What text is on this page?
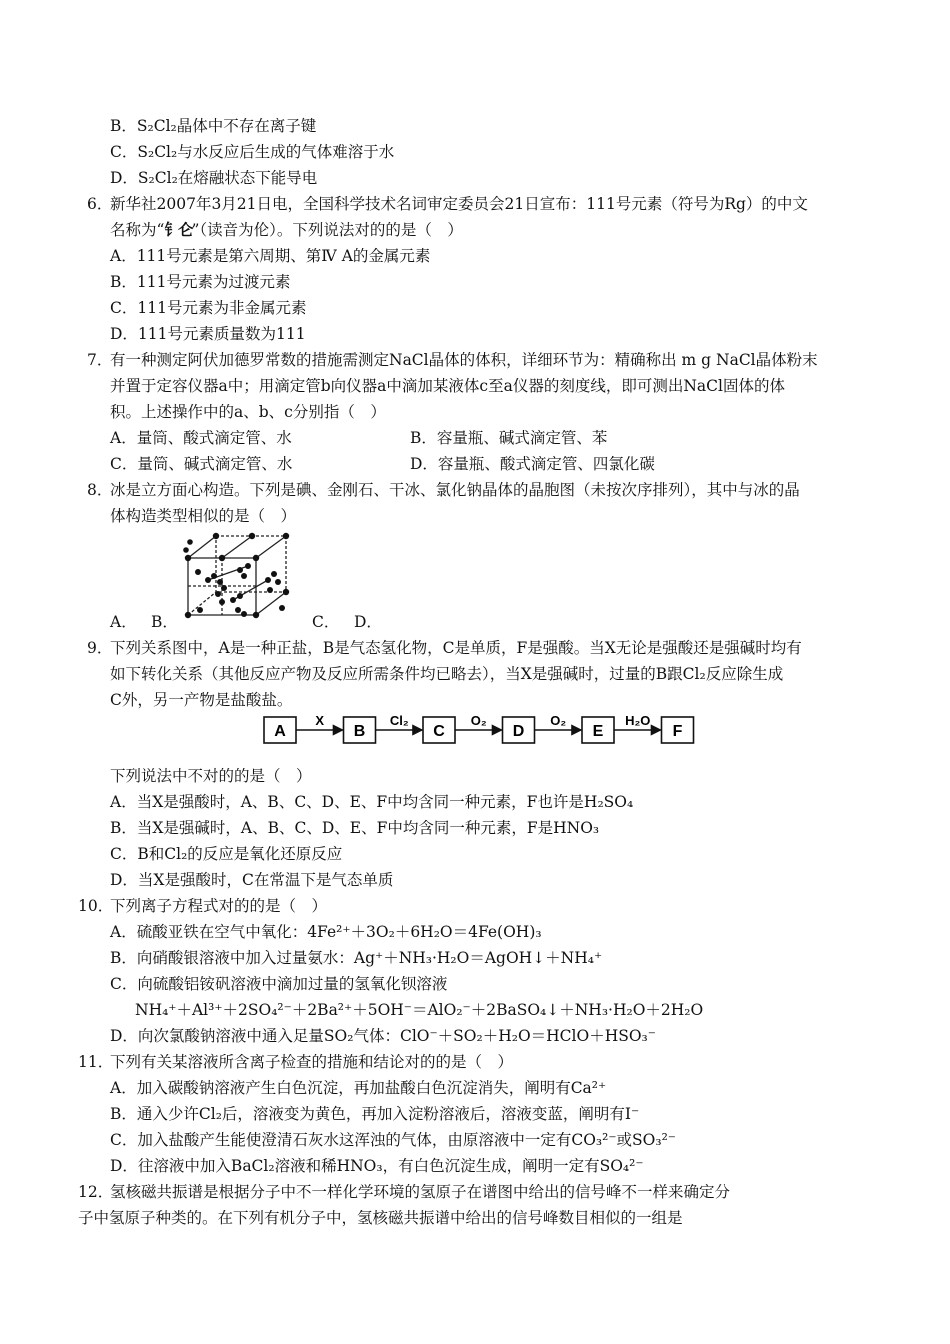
B．S₂Cl₂晶体中不存在离子键
C．S₂Cl₂与水反应后生成的气体难溶于水
D．S₂Cl₂在熔融状态下能导电
6．新华社2007年3月21日电，全国科学技术名词审定委员会21日宣布：111号元素（符号为Rg）的中文
名称为“钅仑”（读音为伦）。下列说法对的的是（　）
A．111号元素是第六周期、第Ⅳ A的金属元素
B．111号元素为过渡元素
C．111号元素为非金属元素
D．111号元素质量数为111
7．有一种测定阿伏加德罗常数的措施需测定NaCl晶体的体积，详细环节为：精确称出 m g NaCl晶体粉末
并置于定容仪器a中；用滴定管b向仪器a中滴加某液体c至a仪器的刻度线，即可测出NaCl固体的体
积。上述操作中的a、b、c分别指（　）
A．量筒、酸式滴定管、水	B．容量瓶、碱式滴定管、苯
C．量筒、碱式滴定管、水	D．容量瓶、酸式滴定管、四氯化碳
8．冰是立方面心构造。下列是碘、金刚石、干冰、氯化钠晶体的晶胞图（未按次序排列），其中与冰的晶
体构造类型相似的是（　）
A． B．	C． D．
9．下列关系图中，A是一种正盐，B是气态氢化物，C是单质，F是强酸。当X无论是强酸还是强碱时均有
如下转化关系（其他反应产物及反应所需条件均已略去），当X是强碱时，过量的B跟Cl₂反应除生成
C外，另一产物是盐酸盐。
A
X
B
Cl₂
C
O₂
D
O₂
E
H₂O
F
下列说法中不对的的是（　）
A．当X是强酸时，A、B、C、D、E、F中均含同一种元素，F也许是H₂SO₄
B．当X是强碱时，A、B、C、D、E、F中均含同一种元素，F是HNO₃
C．B和Cl₂的反应是氧化还原反应
D．当X是强酸时，C在常温下是气态单质
10．下列离子方程式对的的是（　）
A．硫酸亚铁在空气中氧化：4Fe²⁺＋3O₂＋6H₂O＝4Fe(OH)₃
B．向硝酸银溶液中加入过量氨水：Ag⁺＋NH₃·H₂O＝AgOH↓＋NH₄⁺
C．向硫酸铝铵矾溶液中滴加过量的氢氧化钡溶液
NH₄⁺＋Al³⁺＋2SO₄²⁻＋2Ba²⁺＋5OH⁻＝AlO₂⁻＋2BaSO₄↓＋NH₃·H₂O＋2H₂O
D．向次氯酸钠溶液中通入足量SO₂气体：ClO⁻＋SO₂＋H₂O＝HClO＋HSO₃⁻
11．下列有关某溶液所含离子检查的措施和结论对的的是（　）
A．加入碳酸钠溶液产生白色沉淀，再加盐酸白色沉淀消失，阐明有Ca²⁺
B．通入少许Cl₂后，溶液变为黄色，再加入淀粉溶液后，溶液变蓝，阐明有I⁻
C．加入盐酸产生能使澄清石灰水这浑浊的气体，由原溶液中一定有CO₃²⁻或SO₃²⁻
D．往溶液中加入BaCl₂溶液和稀HNO₃，有白色沉淀生成，阐明一定有SO₄²⁻
12．氢核磁共振谱是根据分子中不一样化学环境的氢原子在谱图中给出的信号峰不一样来确定分
子中氢原子种类的。在下列有机分子中，氢核磁共振谱中给出的信号峰数目相似的一组是
